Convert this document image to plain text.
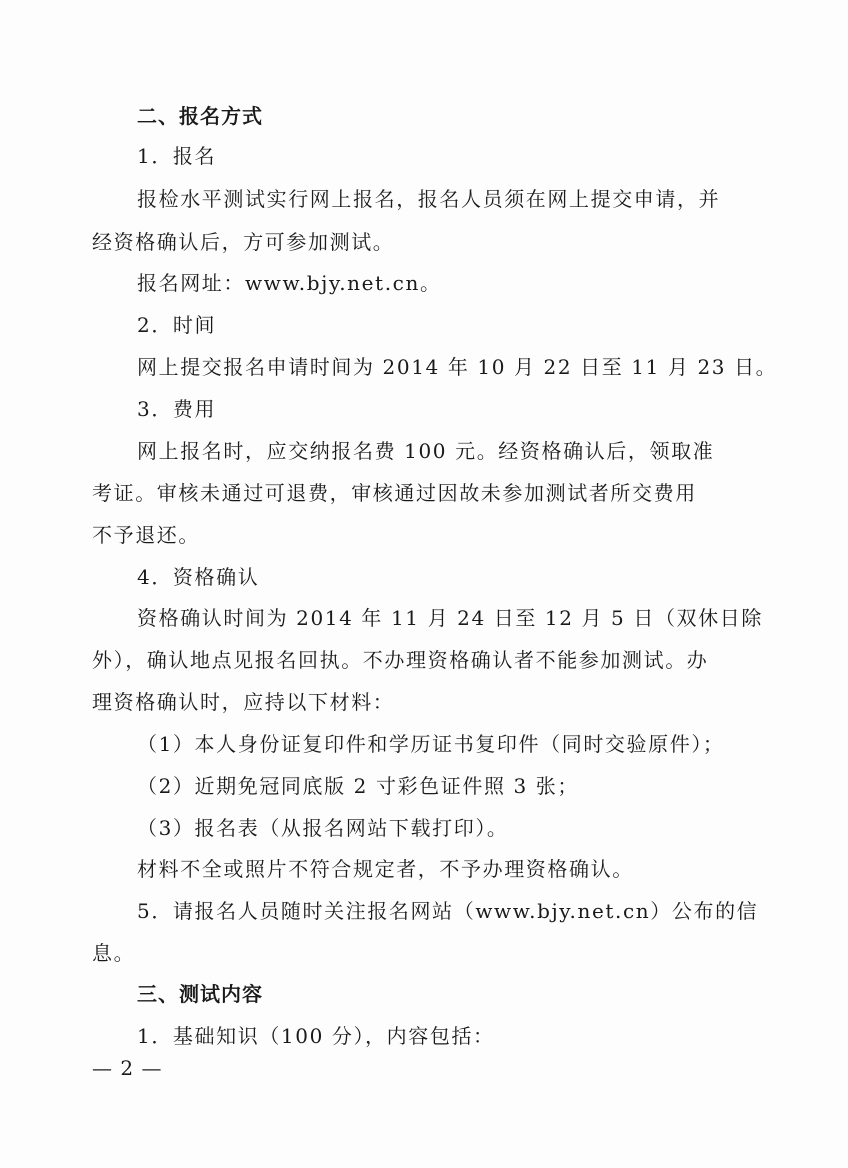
二、报名方式
1．报名
报检水平测试实行网上报名，报名人员须在网上提交申请，并
经资格确认后，方可参加测试。
报名网址：www.bjy.net.cn。
2．时间
网上提交报名申请时间为 2014 年 10 月 22 日至 11 月 23 日。
3．费用
网上报名时，应交纳报名费 100 元。经资格确认后，领取准
考证。审核未通过可退费，审核通过因故未参加测试者所交费用
不予退还。
4．资格确认
资格确认时间为 2014 年 11 月 24 日至 12 月 5 日（双休日除
外），确认地点见报名回执。不办理资格确认者不能参加测试。办
理资格确认时，应持以下材料：
（1）本人身份证复印件和学历证书复印件（同时交验原件）；
（2）近期免冠同底版 2 寸彩色证件照 3 张；
（3）报名表（从报名网站下载打印）。
材料不全或照片不符合规定者，不予办理资格确认。
5．请报名人员随时关注报名网站（www.bjy.net.cn）公布的信
息。
三、测试内容
1．基础知识（100 分），内容包括：
— 2 —
